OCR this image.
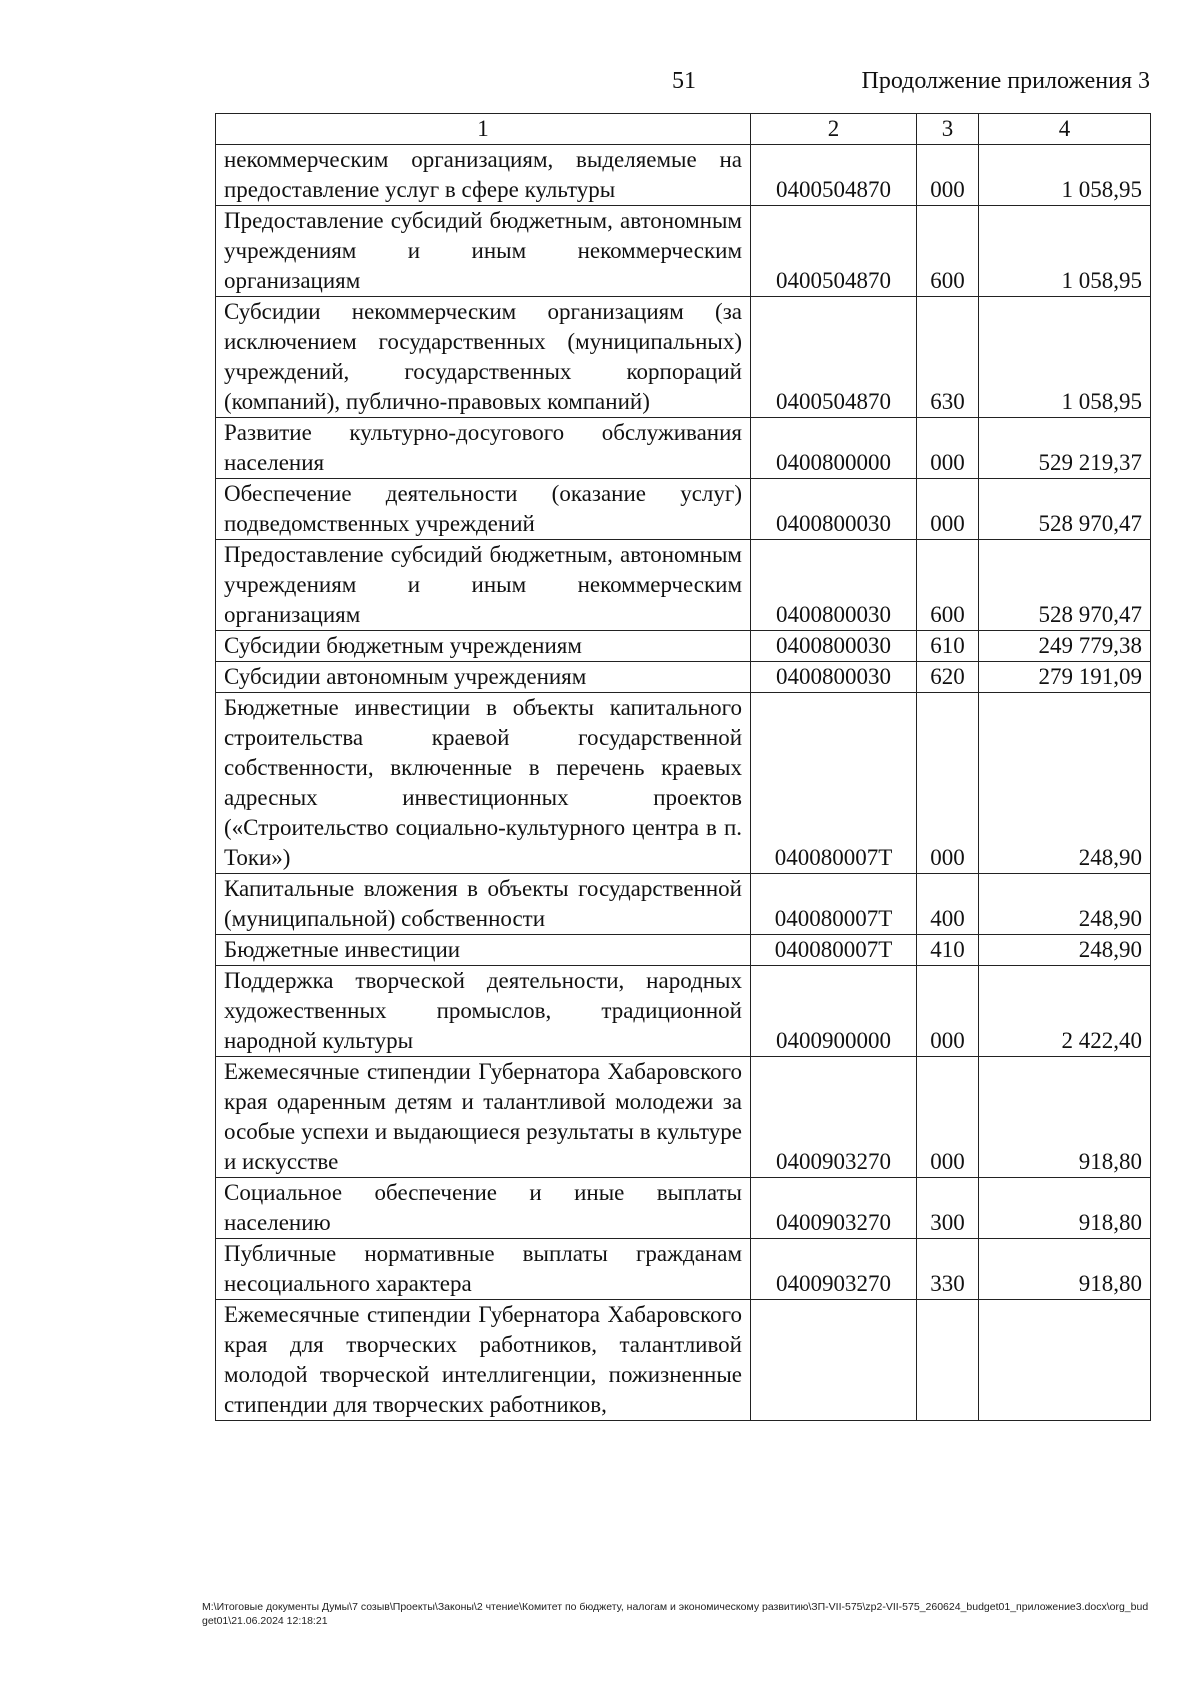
51	Продолжение приложения 3
1	2	3	4
некоммерческим организациям, выделяемые на предоставление услуг в сфере культуры	0400504870	000	1 058,95
Предоставление субсидий бюджетным, автономным учреждениям и иным некоммерческим организациям	0400504870	600	1 058,95
Субсидии некоммерческим организациям (за исключением государственных (муниципальных) учреждений, государственных корпораций (компаний), публично-правовых компаний)	0400504870	630	1 058,95
Развитие культурно-досугового обслуживания населения	0400800000	000	529 219,37
Обеспечение деятельности (оказание услуг) подведомственных учреждений	0400800030	000	528 970,47
Предоставление субсидий бюджетным, автономным учреждениям и иным некоммерческим организациям	0400800030	600	528 970,47
Субсидии бюджетным учреждениям	0400800030	610	249 779,38
Субсидии автономным учреждениям	0400800030	620	279 191,09
Бюджетные инвестиции в объекты капитального строительства краевой государственной собственности, включенные в перечень краевых адресных инвестиционных проектов («Строительство социально-культурного центра в п. Токи»)	040080007Т	000	248,90
Капитальные вложения в объекты государственной (муниципальной) собственности	040080007Т	400	248,90
Бюджетные инвестиции	040080007Т	410	248,90
Поддержка творческой деятельности, народных художественных промыслов, традиционной народной культуры	0400900000	000	2 422,40
Ежемесячные стипендии Губернатора Хабаровского края одаренным детям и талантливой молодежи за особые успехи и выдающиеся результаты в культуре и искусстве	0400903270	000	918,80
Социальное обеспечение и иные выплаты населению	0400903270	300	918,80
Публичные нормативные выплаты гражданам несоциального характера	0400903270	330	918,80
Ежемесячные стипендии Губернатора Хабаровского края для творческих работников, талантливой молодой творческой интеллигенции, пожизненные стипендии для творческих работников,			
M:\Итоговые документы Думы\7 созыв\Проекты\Законы\2 чтение\Комитет по бюджету, налогам и экономическому развитию\ЗП-VII-575\zp2-VII-575_260624_budget01_приложение3.docx\org_budget01\21.06.2024 12:18:21
